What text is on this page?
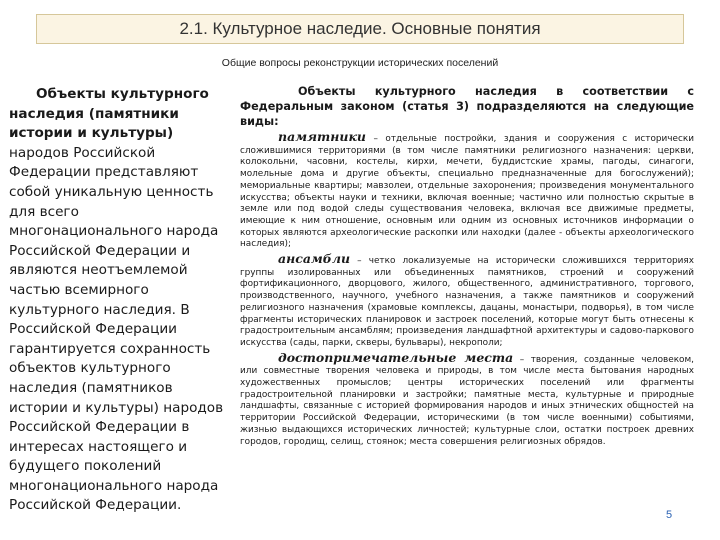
2.1. Культурное наследие. Основные понятия
Общие вопросы реконструкции исторических поселений

Объекты культурного наследия (памятники истории и культуры) народов Российской Федерации представляют собой уникальную ценность для всего многонационального народа Российской Федерации и являются неотъемлемой частью всемирного культурного наследия. В Российской Федерации гарантируется сохранность объектов культурного наследия (памятников истории и культуры) народов Российской Федерации в интересах настоящего и будущего поколений многонационального народа Российской Федерации.

Объекты культурного наследия в соответствии с Федеральным законом (статья 3) подразделяются на следующие виды:

памятники – отдельные постройки, здания и сооружения с исторически сложившимися территориями (в том числе памятники религиозного назначения: церкви, колокольни, часовни, костелы, кирхи, мечети, буддистские храмы, пагоды, синагоги, молельные дома и другие объекты, специально предназначенные для богослужений); мемориальные квартиры; мавзолеи, отдельные захоронения; произведения монументального искусства; объекты науки и техники, включая военные; частично или полностью скрытые в земле или под водой следы существования человека, включая все движимые предметы, имеющие к ним отношение, основным или одним из основных источников информации о которых являются археологические раскопки или находки (далее - объекты археологического наследия);

ансамбли – четко локализуемые на исторически сложившихся территориях группы изолированных или объединенных памятников, строений и сооружений фортификационного, дворцового, жилого, общественного, административного, торгового, производственного, научного, учебного назначения, а также памятников и сооружений религиозного назначения (храмовые комплексы, дацаны, монастыри, подворья), в том числе фрагменты исторических планировок и застроек поселений, которые могут быть отнесены к градостроительным ансамблям; произведения ландшафтной архитектуры и садово-паркового искусства (сады, парки, скверы, бульвары), некрополи;

достопримечательные места – творения, созданные человеком, или совместные творения человека и природы, в том числе места бытования народных художественных промыслов; центры исторических поселений или фрагменты градостроительной планировки и застройки; памятные места, культурные и природные ландшафты, связанные с историей формирования народов и иных этнических общностей на территории Российской Федерации, историческими (в том числе военными) событиями, жизнью выдающихся исторических личностей; культурные слои, остатки построек древних городов, городищ, селищ, стоянок; места совершения религиозных обрядов.

5
